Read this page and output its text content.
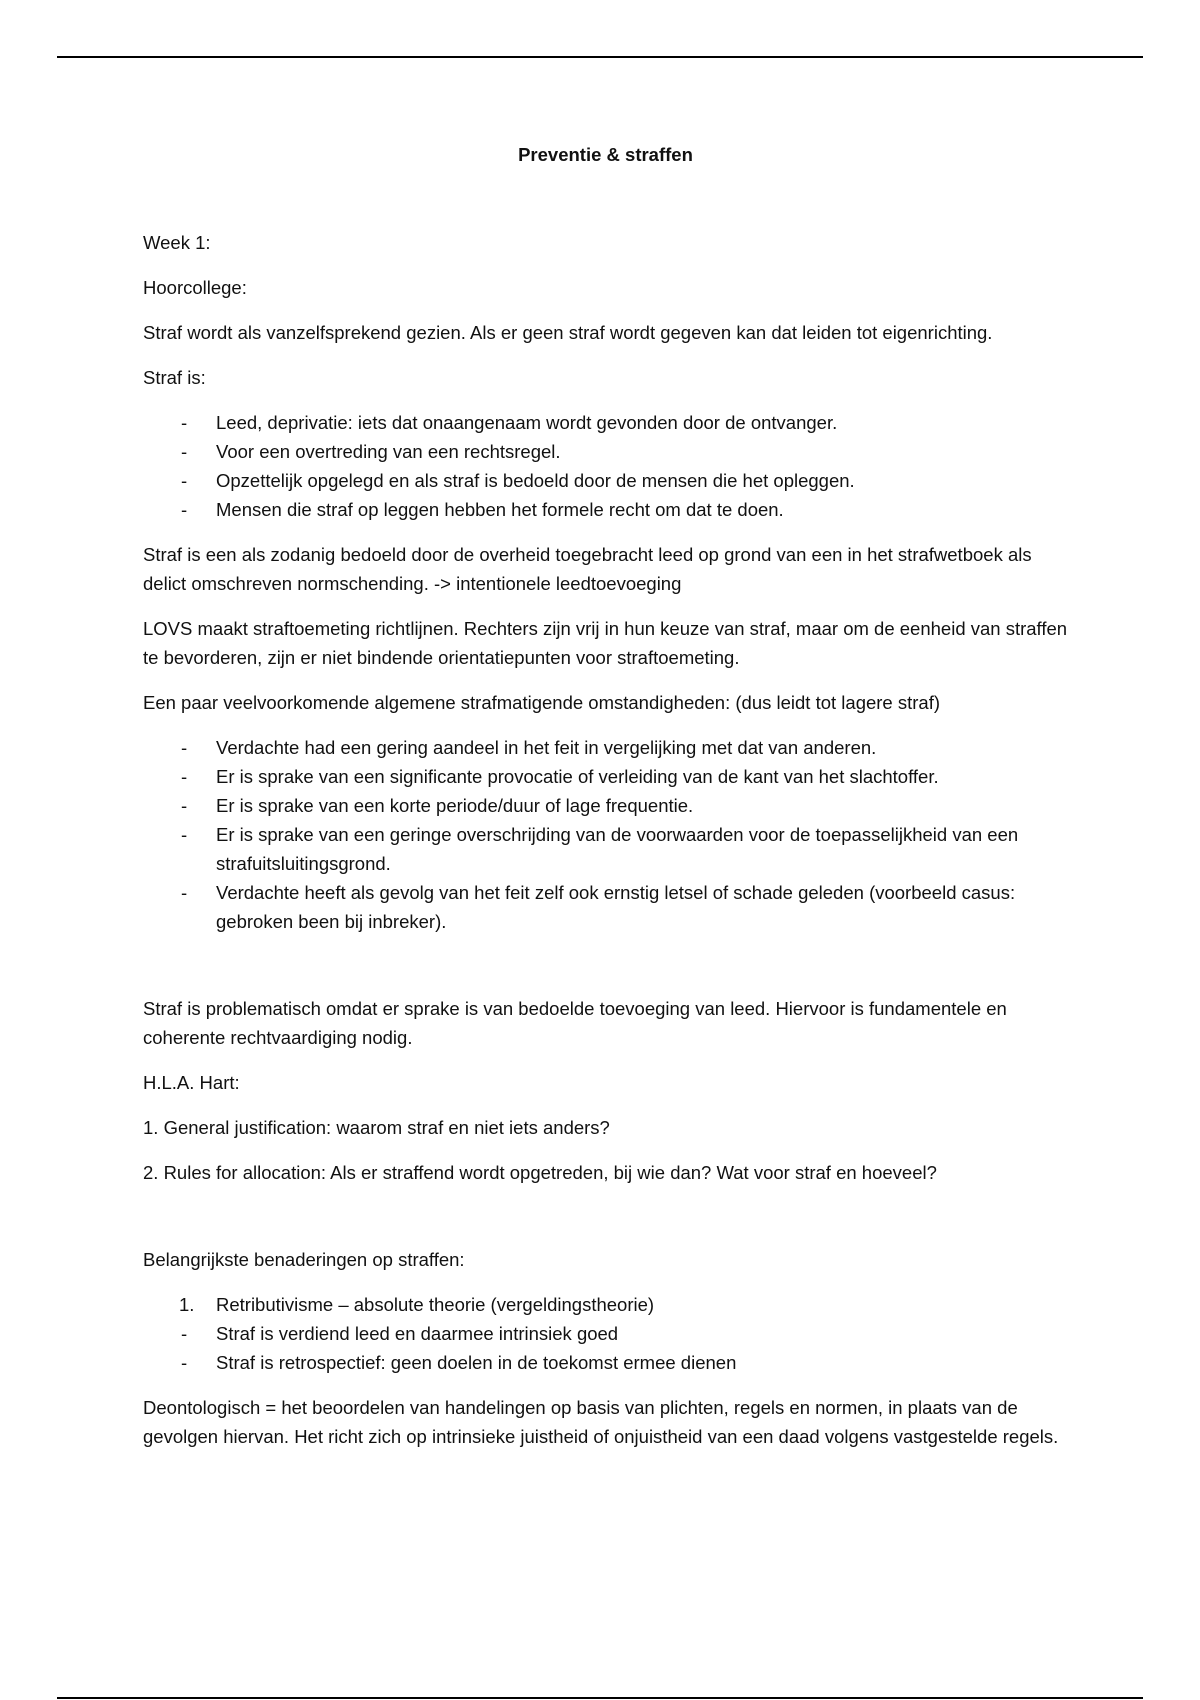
Preventie & straffen

Week 1:

Hoorcollege:

Straf wordt als vanzelfsprekend gezien. Als er geen straf wordt gegeven kan dat leiden tot eigenrichting.

Straf is:

- Leed, deprivatie: iets dat onaangenaam wordt gevonden door de ontvanger.
- Voor een overtreding van een rechtsregel.
- Opzettelijk opgelegd en als straf is bedoeld door de mensen die het opleggen.
- Mensen die straf op leggen hebben het formele recht om dat te doen.

Straf is een als zodanig bedoeld door de overheid toegebracht leed op grond van een in het strafwetboek als delict omschreven normschending. -> intentionele leedtoevoeging

LOVS maakt straftoemeting richtlijnen. Rechters zijn vrij in hun keuze van straf, maar om de eenheid van straffen te bevorderen, zijn er niet bindende orientatiepunten voor straftoemeting.

Een paar veelvoorkomende algemene strafmatigende omstandigheden: (dus leidt tot lagere straf)

- Verdachte had een gering aandeel in het feit in vergelijking met dat van anderen.
- Er is sprake van een significante provocatie of verleiding van de kant van het slachtoffer.
- Er is sprake van een korte periode/duur of lage frequentie.
- Er is sprake van een geringe overschrijding van de voorwaarden voor de toepasselijkheid van een strafuitsluitingsgrond.
- Verdachte heeft als gevolg van het feit zelf ook ernstig letsel of schade geleden (voorbeeld casus: gebroken been bij inbreker).

Straf is problematisch omdat er sprake is van bedoelde toevoeging van leed. Hiervoor is fundamentele en coherente rechtvaardiging nodig.

H.L.A. Hart:

1. General justification: waarom straf en niet iets anders?

2. Rules for allocation: Als er straffend wordt opgetreden, bij wie dan? Wat voor straf en hoeveel?

Belangrijkste benaderingen op straffen:

1. Retributivisme – absolute theorie (vergeldingstheorie)
- Straf is verdiend leed en daarmee intrinsiek goed
- Straf is retrospectief: geen doelen in de toekomst ermee dienen

Deontologisch = het beoordelen van handelingen op basis van plichten, regels en normen, in plaats van de gevolgen hiervan. Het richt zich op intrinsieke juistheid of onjuistheid van een daad volgens vastgestelde regels.
